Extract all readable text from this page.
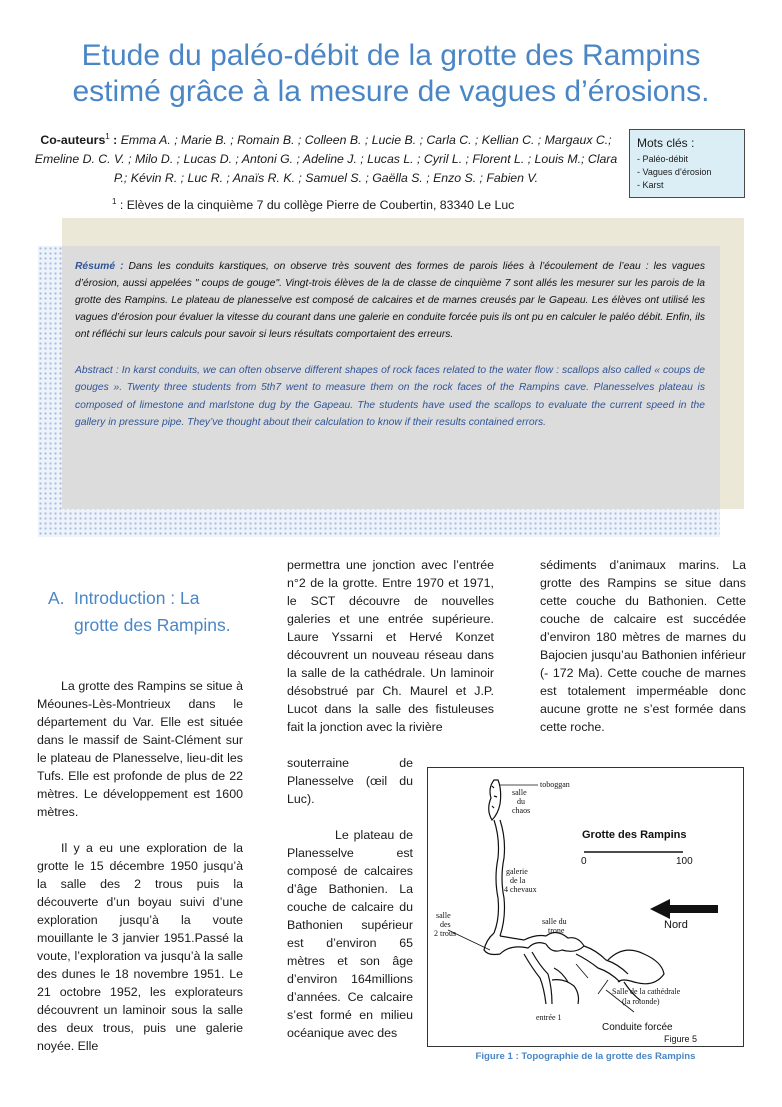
Etude du paléo-débit de la grotte des Rampins
estimé grâce à la mesure de vagues d’érosions.
Co-auteurs$^1$ : Emma A. ; Marie B. ; Romain B. ; Colleen B. ; Lucie B. ; Carla C. ; Kellian C. ; Margaux C.; Emeline D. C. V. ; Milo D. ; Lucas D. ; Antoni G. ; Adeline J. ; Lucas L. ; Cyril L. ; Florent L. ; Louis M.; Clara P.; Kévin R. ; Luc R. ; Anaïs R. K. ; Samuel S. ; Gaëlla S. ; Enzo S. ; Fabien V.
$^1$ : Elèves de la cinquième 7 du collège Pierre de Coubertin, 83340 Le Luc
Mots clés :
- Paléo-débit
- Vagues d’érosion
- Karst
Résumé : Dans les conduits karstiques, on observe très souvent des formes de parois liées à l’écoulement de l’eau : les vagues d’érosion, aussi appelées " coups de gouge". Vingt-trois élèves de la de classe de cinquième 7 sont allés les mesurer sur les parois de la grotte des Rampins. Le plateau de planesselve est composé de calcaires et de marnes creusés par le Gapeau. Les élèves ont utilisé les vagues d’érosion pour évaluer la vitesse du courant dans une galerie en conduite forcée puis ils ont pu en calculer le paléo débit. Enfin, ils ont réfléchi sur leurs calculs pour savoir si leurs résultats comportaient des erreurs.
Abstract : In karst conduits, we can often observe different shapes of rock faces related to the water flow : scallops also called « coups de gouges ». Twenty three students from 5th7 went to measure them on the rock faces of the Rampins cave. Planesselves plateau is composed of limestone and marlstone dug by the Gapeau. The students have used the scallops to evaluate the current speed in the gallery in pressure pipe. They’ve thought about their calculation to know if their results contained errors.
A. Introduction : La grotte des Rampins.

La grotte des Rampins se situe à Méounes-Lès-Montrieux dans le département du Var. Elle est située dans le massif de Saint-Clément sur le plateau de Planesselve, lieu-dit les Tufs. Elle est profonde de plus de 22 mètres. Le développement est 1600 mètres.

Il y a eu une exploration de la grotte le 15 décembre 1950 jusqu’à la salle des 2 trous puis la découverte d’un boyau suivi d’une exploration jusqu’à la voute mouillante le 3 janvier 1951.Passé la voute, l’exploration va jusqu’à la salle des dunes le 18 novembre 1951. Le 21 octobre 1952, les explorateurs découvrent un laminoir sous la salle des deux trous, puis une galerie noyée. Elle

permettra une jonction avec l’entrée n°2 de la grotte. Entre 1970 et 1971, le SCT découvre de nouvelles galeries et une entrée supérieure. Laure Yssarni et Hervé Konzet découvrent un nouveau réseau dans la salle de la cathédrale. Un laminoir désobstrué par Ch. Maurel et J.P. Lucot dans la salle des fistuleuses fait la jonction avec la rivière

souterraine de Planesselve (œil du Luc).

Le plateau de Planesselve est composé de calcaires d’âge Bathonien. La couche de calcaire du Bathonien supérieur est d’environ 65 mètres et son âge d’environ 164millions d’années. Ce calcaire s’est formé en milieu océanique avec des

sédiments d’animaux marins. La grotte des Rampins se situe dans cette couche du Bathonien. Cette couche de calcaire est succédée d’environ 180 mètres de marnes du Bajocien jusqu’au Bathonien inférieur (- 172 Ma). Cette couche de marnes est totalement imperméable donc aucune grotte ne s’est formée dans cette roche.

Grotte des Rampins
0	100
Nord
toboggan
salle
du
chaos
galerie
de la
4 chevaux
salle
des
2 trous
salle du
trone
Salle de la cathédrale
(la rotonde)
entrée 1
Conduite forcée
Figure 5
Figure 1 : Topographie de la grotte des Rampins
